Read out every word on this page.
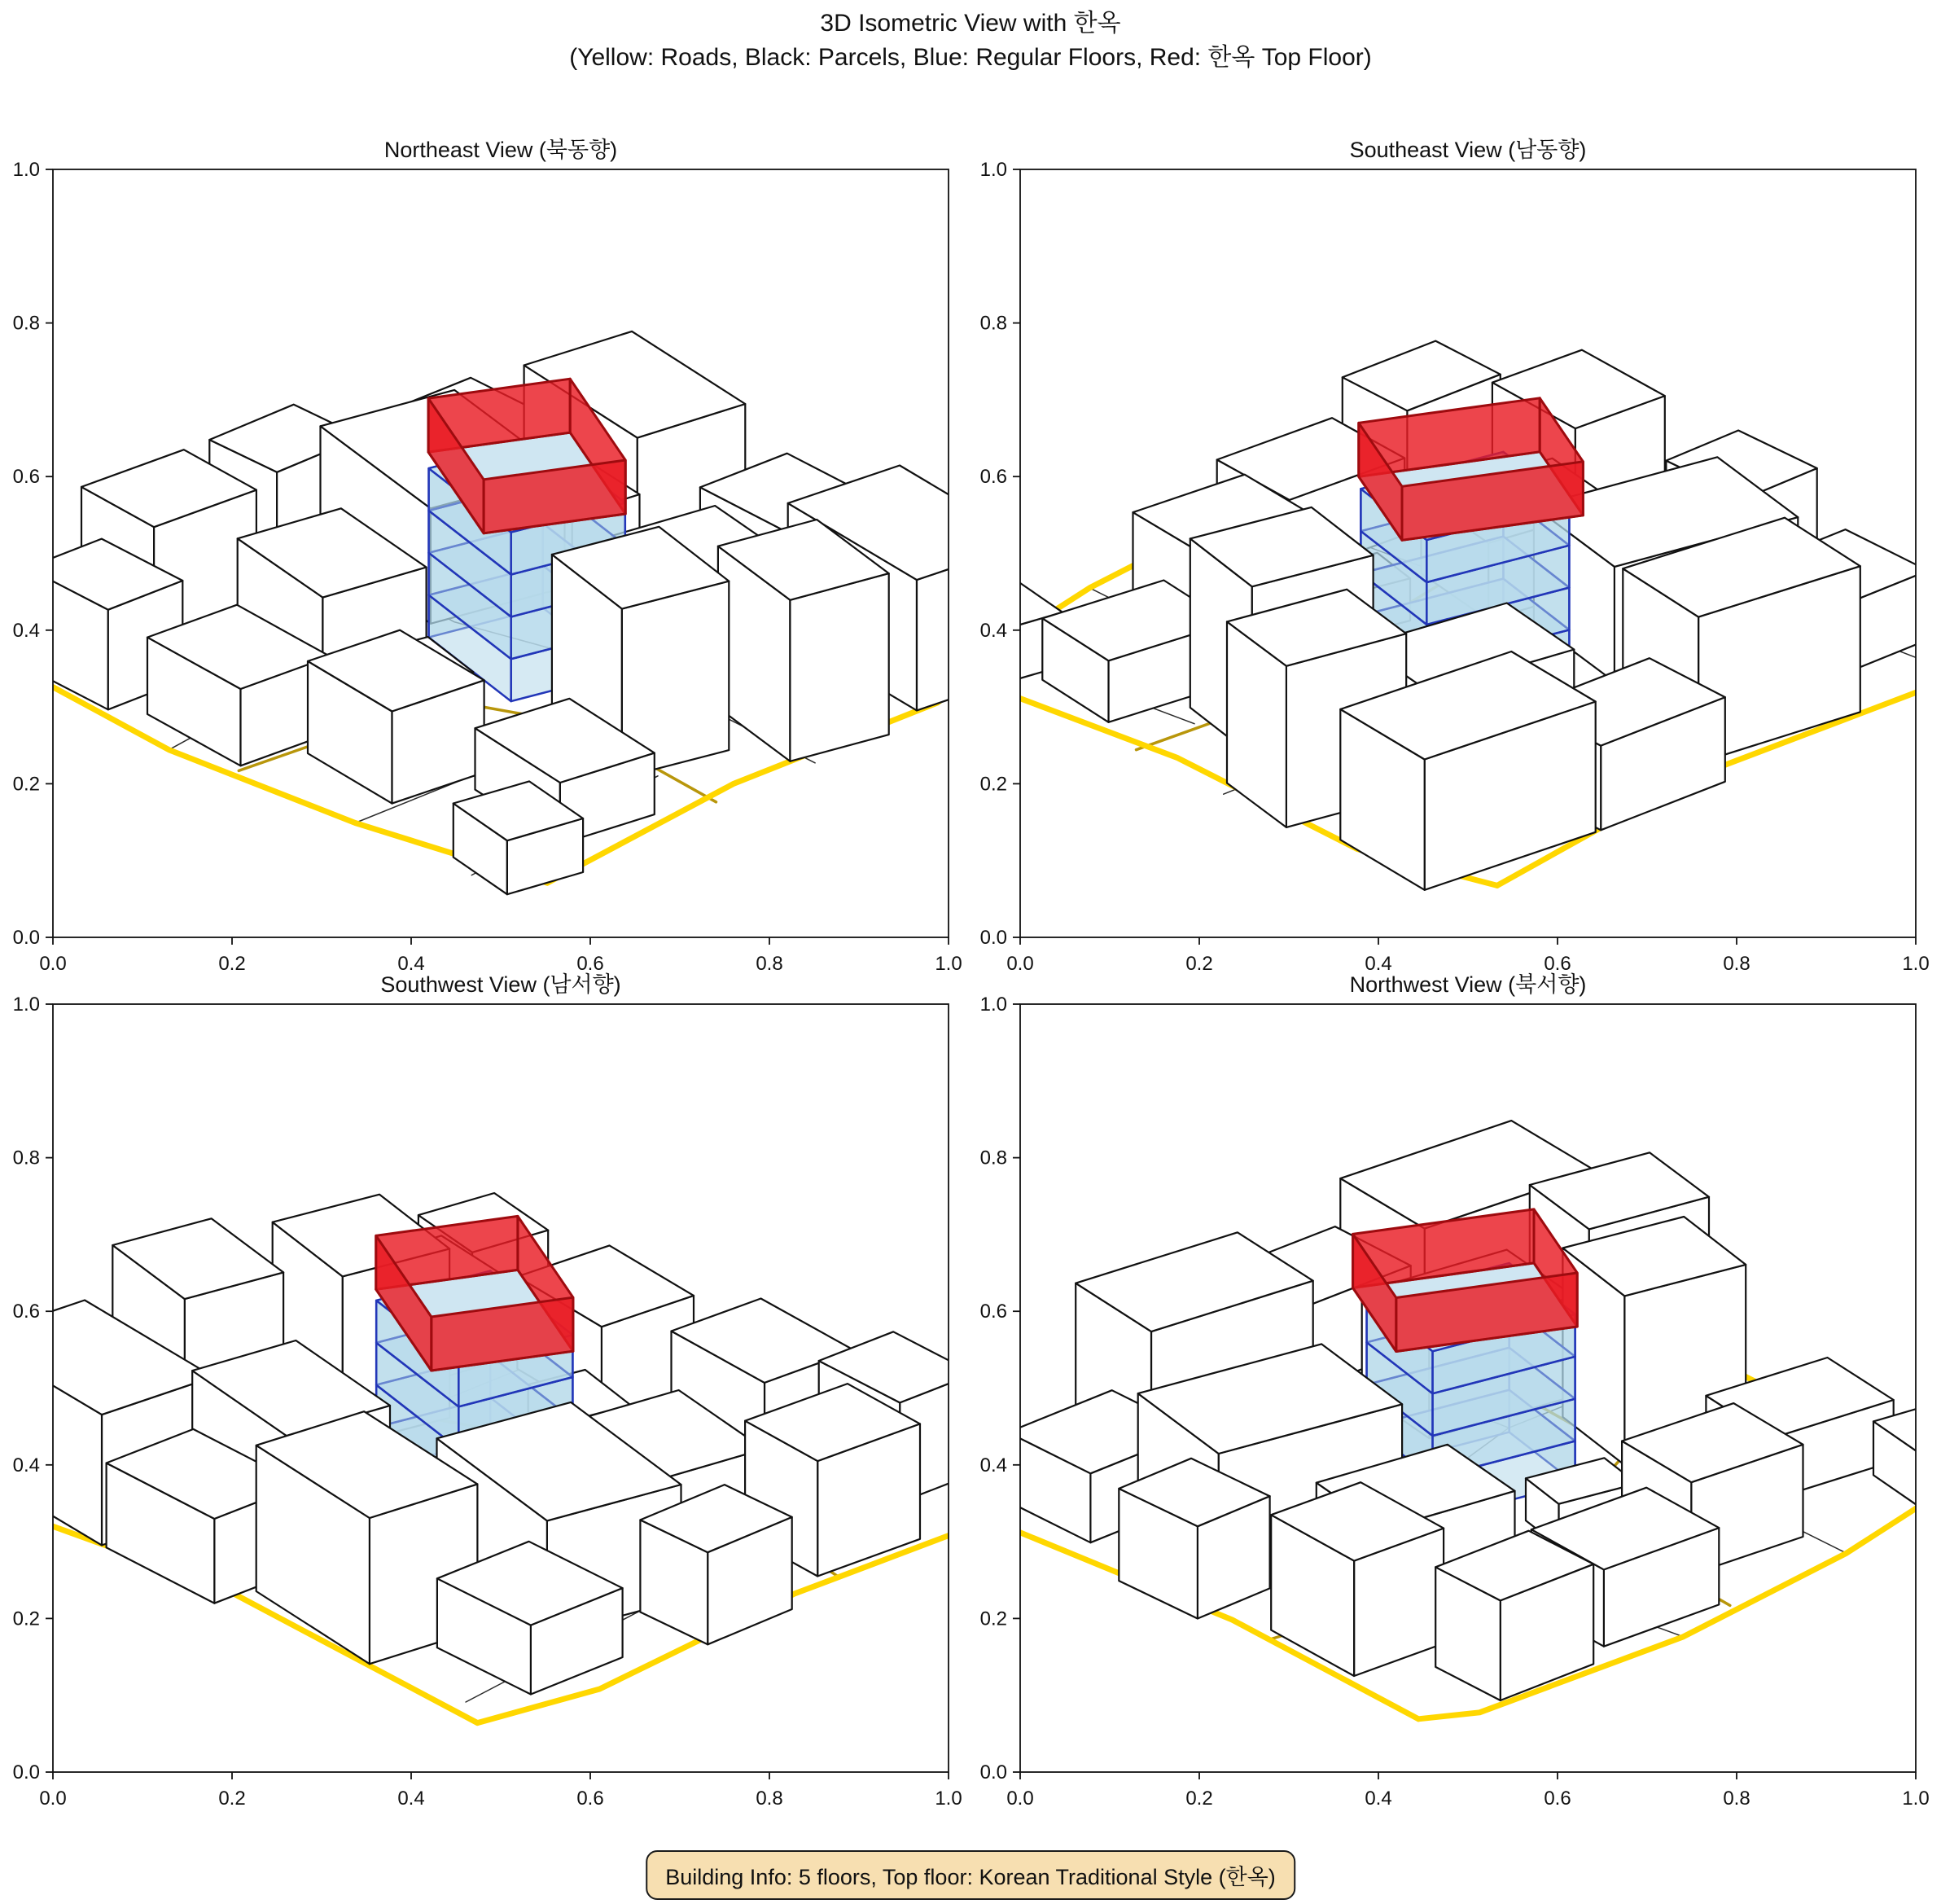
3D Isometric View with 한옥
(Yellow: Roads, Black: Parcels, Blue: Regular Floors, Red: 한옥 Top Floor)
Northeast View (북동향)
0.0
0.0
0.2
0.2
0.4
0.4
0.6
0.6
0.8
0.8
1.0
1.0
Southeast View (남동향)
0.0
0.0
0.2
0.2
0.4
0.4
0.6
0.6
0.8
0.8
1.0
1.0
Southwest View (남서향)
0.0
0.0
0.2
0.2
0.4
0.4
0.6
0.6
0.8
0.8
1.0
1.0
Northwest View (북서향)
0.0
0.0
0.2
0.2
0.4
0.4
0.6
0.6
0.8
0.8
1.0
1.0
Building Info: 5 floors, Top floor: Korean Traditional Style (한옥)
